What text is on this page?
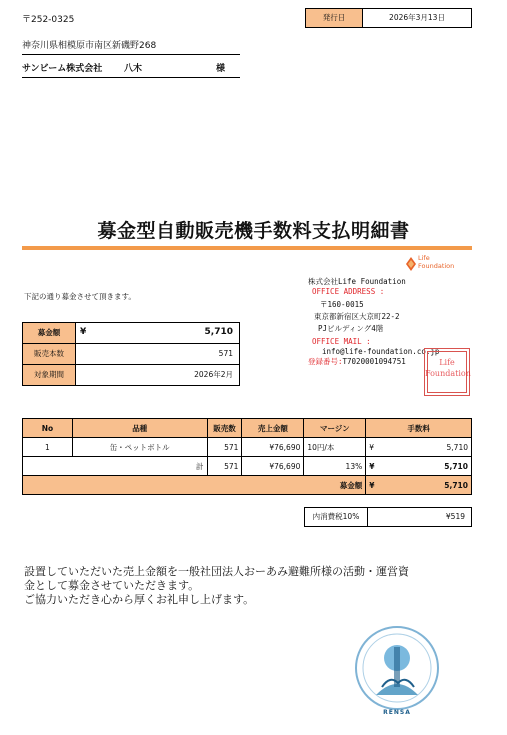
〒252-0325
神奈川県相模原市南区新磯野268
サンビーム株式会社 八木	様
発行日	2026年3月13日
募金型自動販売機手数料支払明細書
Life
Foundation
下記の通り募金させて頂きます。
株式会社Life Foundation
OFFICE ADDRESS :
〒160-0015
東京都新宿区大京町22-2
PJビルディング4階
OFFICE MAIL :
info@life-foundation.co.jp
登録番号:T7020001094751	Life Foundation
募金額	¥	5,710
販売本数	571
対象期間	2026年2月
No	品種	販売数	売上金額	マージン	手数料
1	缶・ペットボトル	571	¥76,690	10円/本	¥ 5,710

計		571	¥76,690	13%	¥ 5,710

募金額					¥ 5,710
内消費税10%	¥519
設置していただいた売上金額を一般社団法人おーあみ避難所様の活動・運営資
金として募金させていただきます。
ご協力いただき心から厚くお礼申し上げます。
RENSA
